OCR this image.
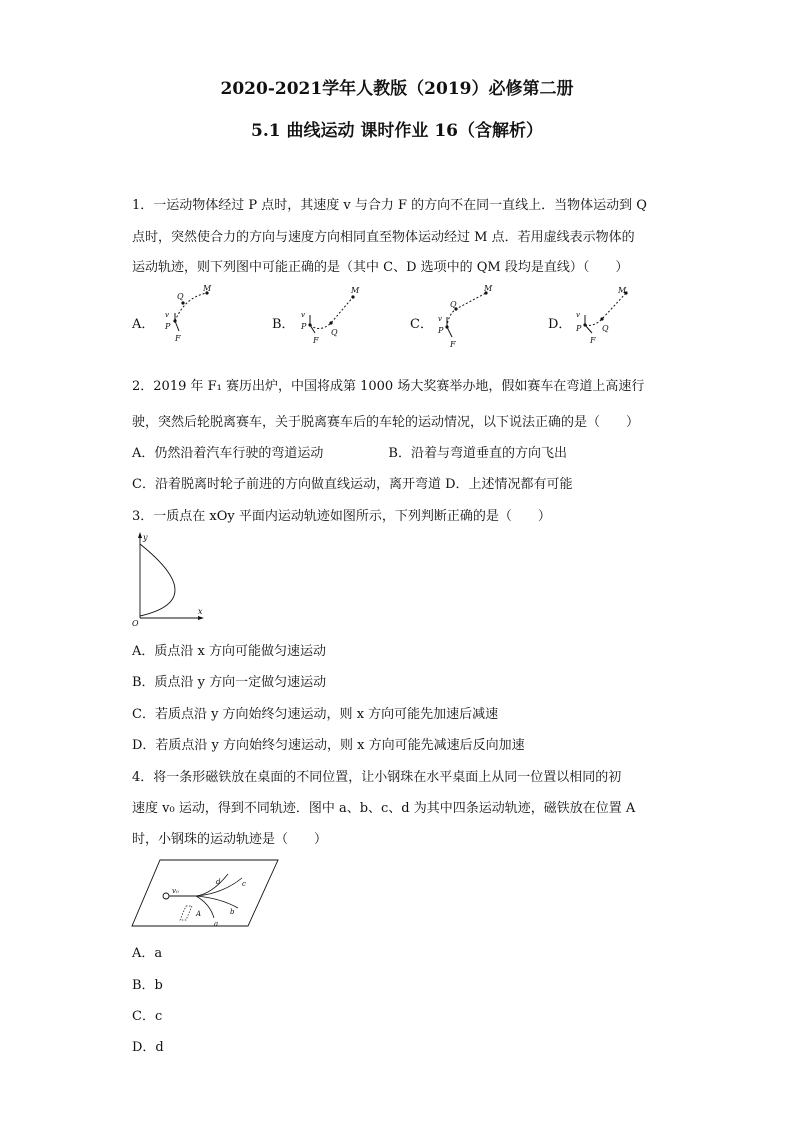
2020-2021学年人教版（2019）必修第二册
5.1 曲线运动 课时作业 16（含解析）
1．一运动物体经过 P 点时，其速度 v 与合力 F 的方向不在同一直线上．当物体运动到 Q
点时，突然使合力的方向与速度方向相同直至物体运动经过 M 点．若用虚线表示物体的
运动轨迹，则下列图中可能正确的是（其中 C、D 选项中的 QM 段均是直线）（　　）
A．
v
P
Q
M
F
B．
v
P
Q
M
F
C． v
P
Q
M
F
D．
v
P	Q
M
F
2．2019 年 F₁ 赛历出炉，中国将成第 1000 场大奖赛举办地，假如赛车在弯道上高速行
驶，突然后轮脱离赛车，关于脱离赛车后的车轮的运动情况，以下说法正确的是（　　）
A．仍然沿着汽车行驶的弯道运动　　　　　B．沿着与弯道垂直的方向飞出
C．沿着脱离时轮子前进的方向做直线运动，离开弯道 D．上述情况都有可能
3．一质点在 xOy 平面内运动轨迹如图所示，下列判断正确的是（　　）
y
x
O
A．质点沿 x 方向可能做匀速运动
B．质点沿 y 方向一定做匀速运动
C．若质点沿 y 方向始终匀速运动，则 x 方向可能先加速后减速
D．若质点沿 y 方向始终匀速运动，则 x 方向可能先减速后反向加速
4．将一条形磁铁放在桌面的不同位置，让小钢珠在水平桌面上从同一位置以相同的初
速度 v₀ 运动，得到不同轨迹．图中 a、b、c、d 为其中四条运动轨迹，磁铁放在位置 A
时，小钢珠的运动轨迹是（　　）
v₀
d	c
b
a
A
A．a
B．b
C．c
D．d
